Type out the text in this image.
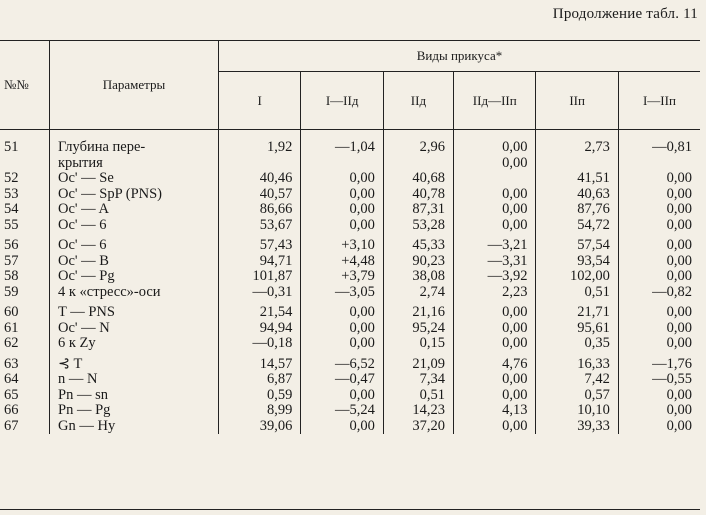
Продолжение табл. 11
№№	Параметры	Виды прикуса*					
		I	I—IIд	IIд	IIд—IIп	IIп	I—IIп
51	Глубина пере-	1,92	—1,04	2,96	0,00	2,73	—0,81
	крытия				0,00		
52	Oc' — Se	40,46	0,00	40,68		41,51	0,00
53	Oc' — SpP (PNS)	40,57	0,00	40,78	0,00	40,63	0,00
54	Oc' — A	86,66	0,00	87,31	0,00	87,76	0,00
55	Oc' — 6	53,67	0,00	53,28	0,00	54,72	0,00
56	Oc' — 6	57,43	+3,10	45,33	—3,21	57,54	0,00
57	Oc' — B	94,71	+4,48	90,23	—3,31	93,54	0,00
58	Oc' — Pg	101,87	+3,79	38,08	—3,92	102,00	0,00
59	4 к «стресс»-оси	—0,31	—3,05	2,74	2,23	0,51	—0,82
60	T — PNS	21,54	0,00	21,16	0,00	21,71	0,00
61	Oc' — N	94,94	0,00	95,24	0,00	95,61	0,00
62	6 к Zy	—0,18	0,00	0,15	0,00	0,35	0,00
63	⊰ T	14,57	—6,52	21,09	4,76	16,33	—1,76
64	n — N	6,87	—0,47	7,34	0,00	7,42	—0,55
65	Pn — sn	0,59	0,00	0,51	0,00	0,57	0,00
66	Pn — Pg	8,99	—5,24	14,23	4,13	10,10	0,00
67	Gn — Hy	39,06	0,00	37,20	0,00	39,33	0,00
